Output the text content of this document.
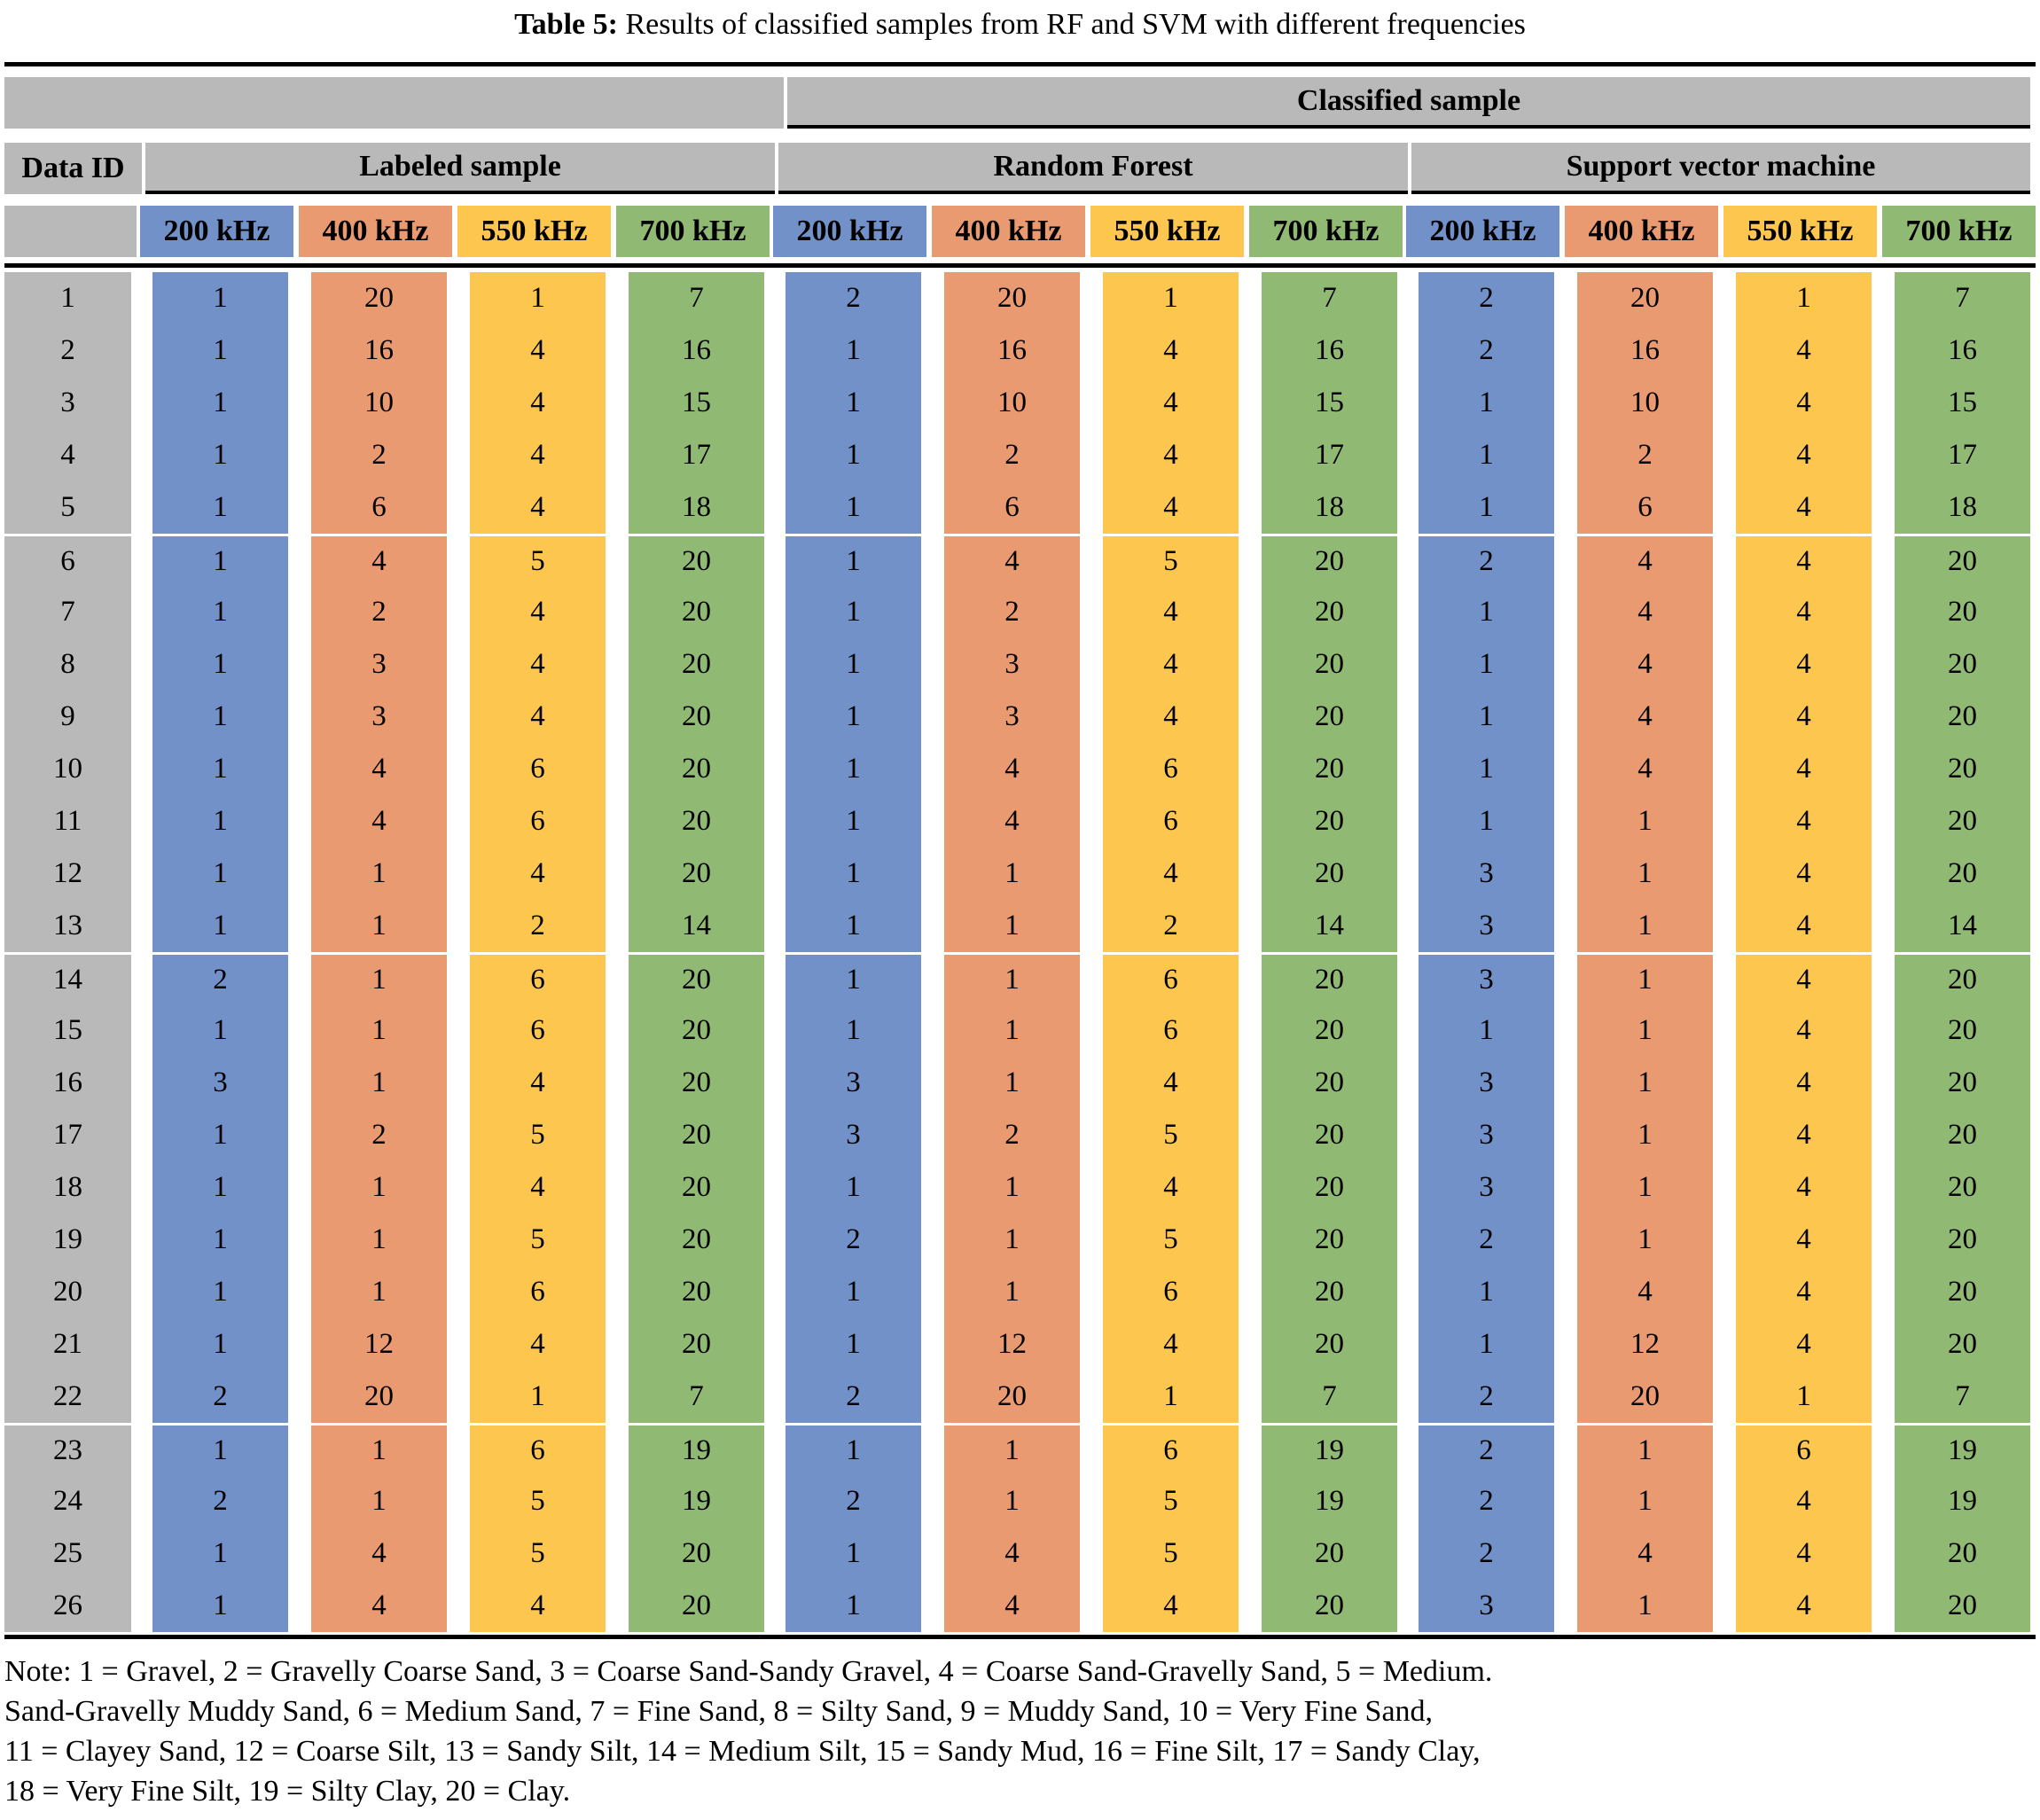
Table 5: Results of classified samples from RF and SVM with different frequencies
Classified sample
Data ID	Labeled sample	Random Forest	Support vector machine
200 kHz	400 kHz	550 kHz	700 kHz	200 kHz	400 kHz	550 kHz	700 kHz	200 kHz	400 kHz	550 kHz	700 kHz
1	1	20	1	7	2	20	1	7	2	20	1	7
2	1	16	4	16	1	16	4	16	2	16	4	16
3	1	10	4	15	1	10	4	15	1	10	4	15
4	1	2	4	17	1	2	4	17	1	2	4	17
5	1	6	4	18	1	6	4	18	1	6	4	18
6	1	4	5	20	1	4	5	20	2	4	4	20
7	1	2	4	20	1	2	4	20	1	4	4	20
8	1	3	4	20	1	3	4	20	1	4	4	20
9	1	3	4	20	1	3	4	20	1	4	4	20
10	1	4	6	20	1	4	6	20	1	4	4	20
11	1	4	6	20	1	4	6	20	1	1	4	20
12	1	1	4	20	1	1	4	20	3	1	4	20
13	1	1	2	14	1	1	2	14	3	1	4	14
14	2	1	6	20	1	1	6	20	3	1	4	20
15	1	1	6	20	1	1	6	20	1	1	4	20
16	3	1	4	20	3	1	4	20	3	1	4	20
17	1	2	5	20	3	2	5	20	3	1	4	20
18	1	1	4	20	1	1	4	20	3	1	4	20
19	1	1	5	20	2	1	5	20	2	1	4	20
20	1	1	6	20	1	1	6	20	1	4	4	20
21	1	12	4	20	1	12	4	20	1	12	4	20
22	2	20	1	7	2	20	1	7	2	20	1	7
23	1	1	6	19	1	1	6	19	2	1	6	19
24	2	1	5	19	2	1	5	19	2	1	4	19
25	1	4	5	20	1	4	5	20	2	4	4	20
26	1	4	4	20	1	4	4	20	3	1	4	20
Note: 1 = Gravel, 2 = Gravelly Coarse Sand, 3 = Coarse Sand-Sandy Gravel, 4 = Coarse Sand-Gravelly Sand, 5 = Medium.
Sand-Gravelly Muddy Sand, 6 = Medium Sand, 7 = Fine Sand, 8 = Silty Sand, 9 = Muddy Sand, 10 = Very Fine Sand,
11 = Clayey Sand, 12 = Coarse Silt, 13 = Sandy Silt, 14 = Medium Silt, 15 = Sandy Mud, 16 = Fine Silt, 17 = Sandy Clay,
18 = Very Fine Silt, 19 = Silty Clay, 20 = Clay.
